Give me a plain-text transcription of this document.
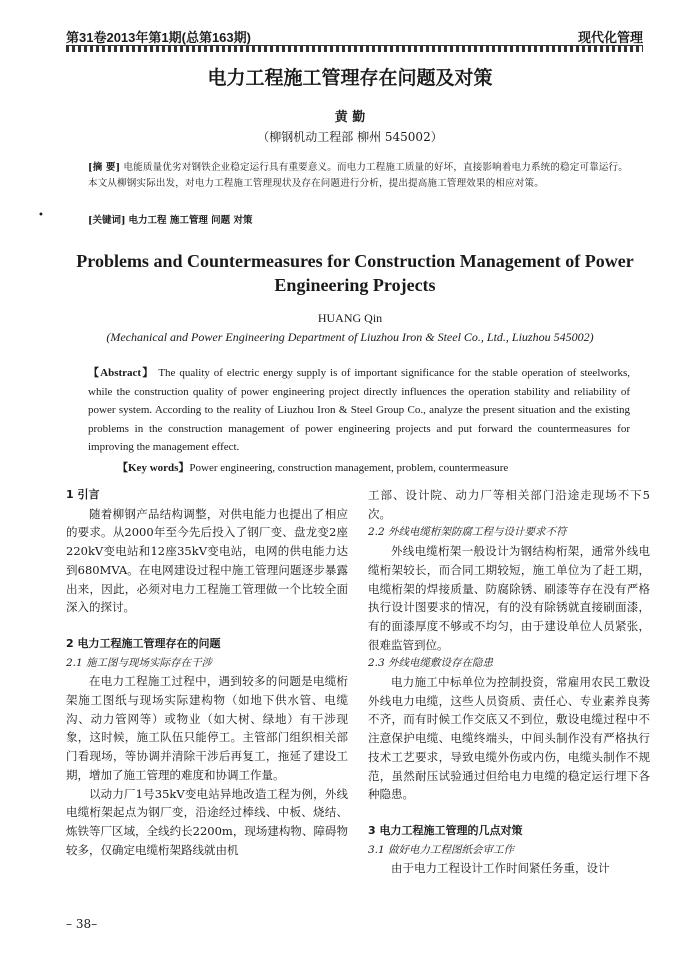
第31卷2013年第1期(总第163期)	现代化管理
电力工程施工管理存在问题及对策
黄 勤
（柳钢机动工程部 柳州 545002）
[摘 要] 电能质量优劣对钢铁企业稳定运行具有重要意义。而电力工程施工质量的好坏，直接影响着电力系统的稳定可靠运行。本文从柳钢实际出发，对电力工程施工管理现状及存在问题进行分析，提出提高施工管理效果的相应对策。
•	[关键词] 电力工程 施工管理 问题 对策
Problems and Countermeasures for Construction Management of Power Engineering Projects
HUANG Qin
(Mechanical and Power Engineering Department of Liuzhou Iron & Steel Co., Ltd., Liuzhou 545002)
【Abstract】 The quality of electric energy supply is of important significance for the stable operation of steelworks, while the construction quality of power engineering project directly influences the operation stability and reliability of power system. According to the reality of Liuzhou Iron & Steel Group Co., analyze the present situation and the existing problems in the construction management of power engineering projects and put forward the countermeasures for improving the management effect.
【Key words】Power engineering, construction management, problem, countermeasure
1 引言
随着柳钢产品结构调整，对供电能力也提出了相应的要求。从2000年至今先后投入了钢厂变、盘龙变2座220kV变电站和12座35kV变电站，电网的供电能力达到680MVA。在电网建设过程中施工管理问题逐步暴露出来，因此，必须对电力工程施工管理做一个比较全面深入的探讨。
2 电力工程施工管理存在的问题
2.1 施工图与现场实际存在干涉
在电力工程施工过程中，遇到较多的问题是电缆桁架施工图纸与现场实际建构物（如地下供水管、电缆沟、动力管网等）或物业（如大树、绿地）有干涉现象，这时候，施工队伍只能停工。主管部门组织相关部门看现场，等协调并清除干涉后再复工，拖延了建设工期，增加了施工管理的难度和协调工作量。
以动力厂1号35kV变电站异地改造工程为例，外线电缆桁架起点为钢厂变，沿途经过棒线、中板、烧结、炼铁等厂区域，全线约长2200m，现场建构物、障碍物较多，仅确定电缆桁架路线就由机
工部、设计院、动力厂等相关部门沿途走现场不下5次。
2.2 外线电缆桁架防腐工程与设计要求不符
外线电缆桁架一般设计为钢结构桁架，通常外线电缆桁架较长，而合同工期较短，施工单位为了赶工期，电缆桁架的焊接质量、防腐除锈、刷漆等存在没有严格执行设计图要求的情况，有的没有除锈就直接刷面漆，有的面漆厚度不够或不均匀，由于建设单位人员紧张，很难监管到位。
2.3 外线电缆敷设存在隐患
电力施工中标单位为控制投资，常雇用农民工敷设外线电力电缆，这些人员资质、责任心、专业素养良莠不齐，而有时候工作交底又不到位，敷设电缆过程中不注意保护电缆、电缆终端头，中间头制作没有严格执行技术工艺要求，导致电缆外伤或内伤，电缆头制作不规范，虽然耐压试验通过但给电力电缆的稳定运行埋下各种隐患。
3 电力工程施工管理的几点对策
3.1 做好电力工程图纸会审工作
由于电力工程设计工作时间紧任务重，设计
– 38–
